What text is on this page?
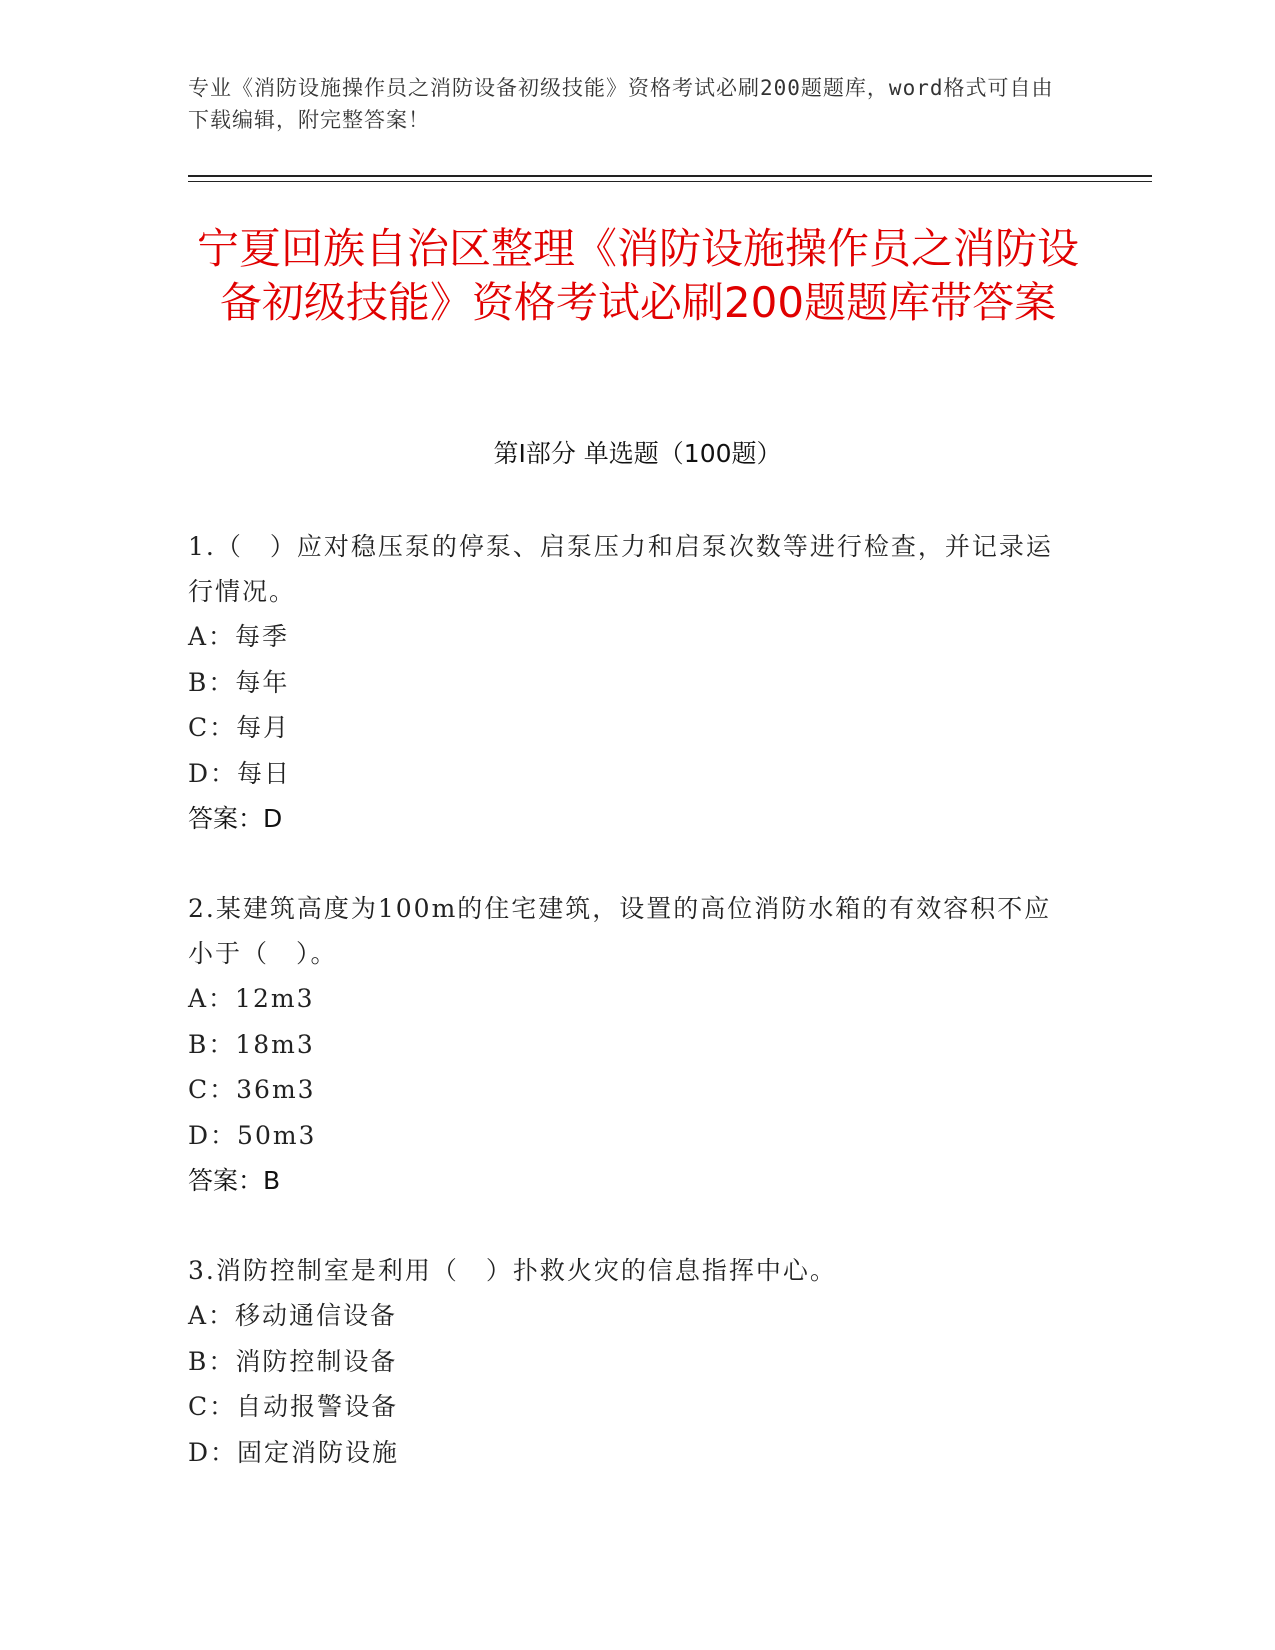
专业《消防设施操作员之消防设备初级技能》资格考试必刷200题题库，word格式可自由下载编辑，附完整答案！
宁夏回族自治区整理《消防设施操作员之消防设备初级技能》资格考试必刷200题题库带答案
第Ⅰ部分 单选题（100题）
1.（　）应对稳压泵的停泵、启泵压力和启泵次数等进行检查，并记录运行情况。
A：每季
B：每年
C：每月
D：每日
答案：D
2.某建筑高度为100m的住宅建筑，设置的高位消防水箱的有效容积不应小于（　）。
A：12m3
B：18m3
C：36m3
D：50m3
答案：B
3.消防控制室是利用（　）扑救火灾的信息指挥中心。
A：移动通信设备
B：消防控制设备
C：自动报警设备
D：固定消防设施
